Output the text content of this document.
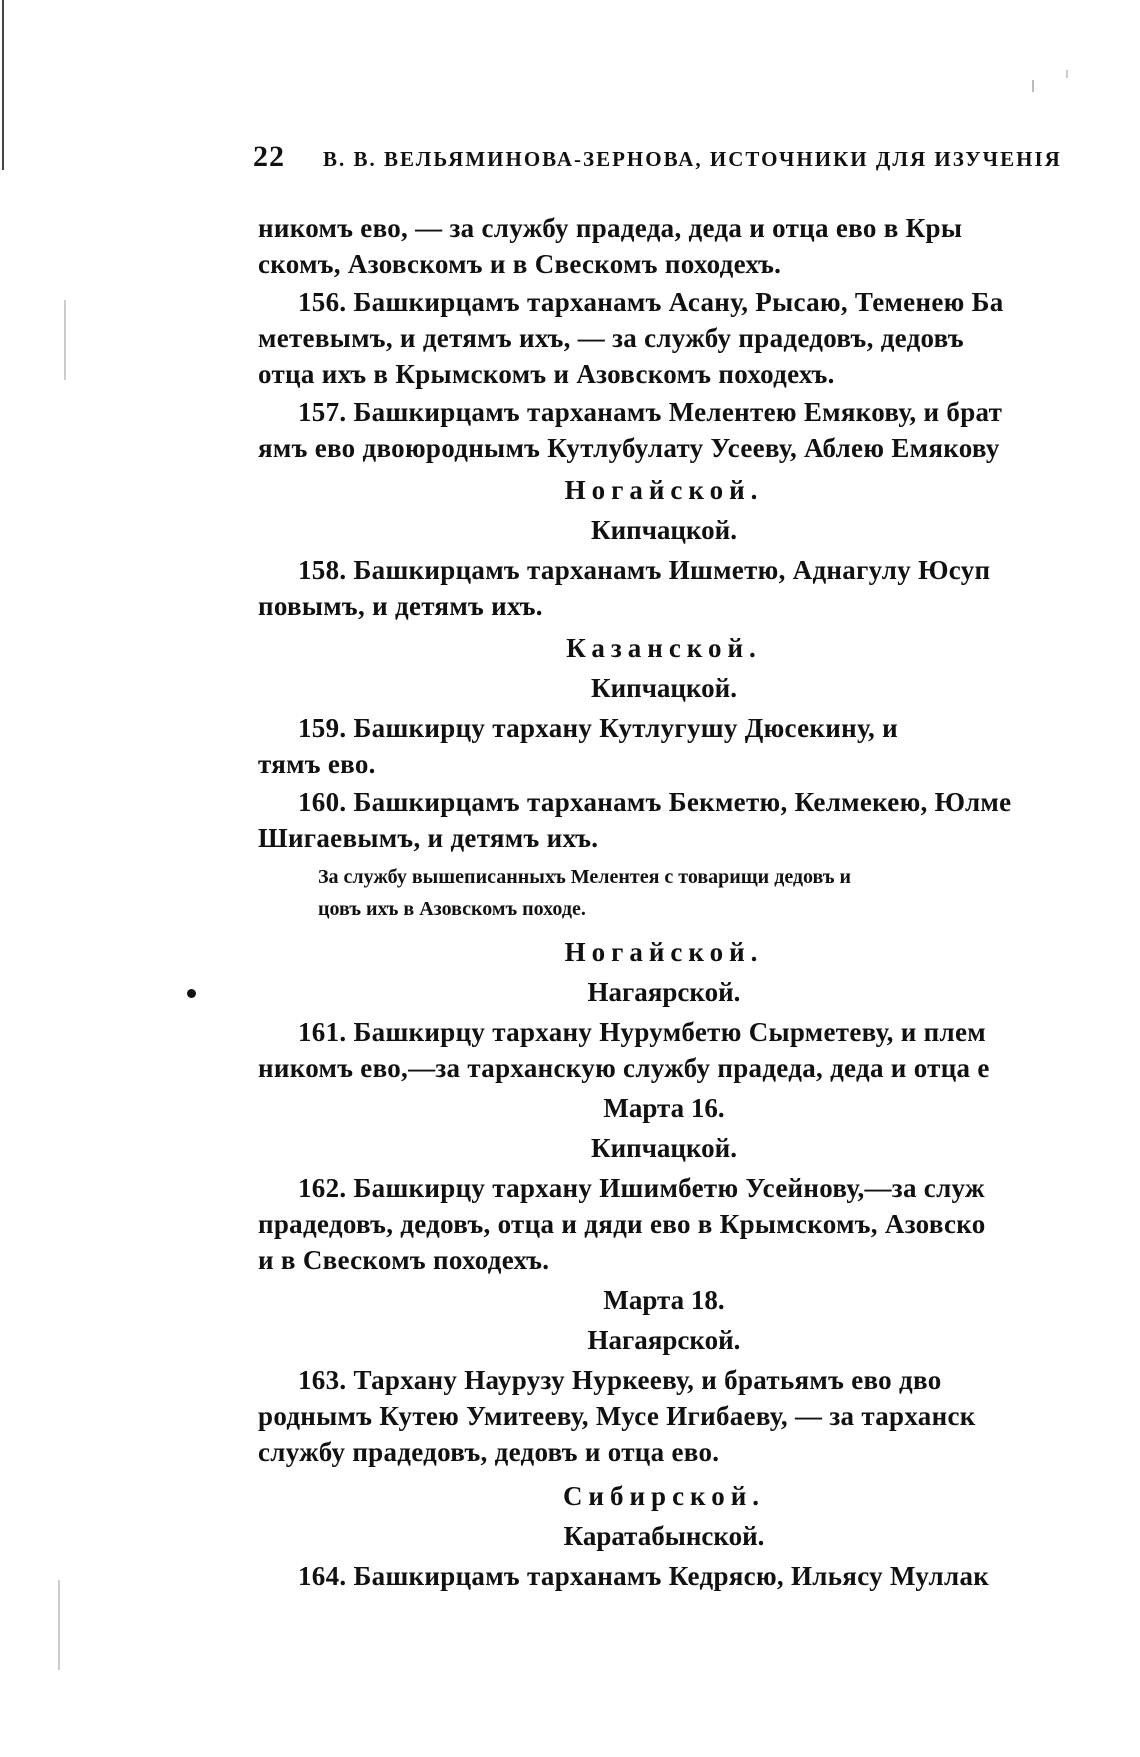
22 В. В. ВЕЛЬЯМИНОВА-ЗЕРНОВА, ИСТОЧНИКИ ДЛЯ ИЗУЧЕНІЯ
никомъ ево, — за службу прадеда, деда и отца ево в Кры
скомъ, Азовскомъ и в Свескомъ походехъ.
156. Башкирцамъ тарханамъ Асану, Рысаю, Теменею Ба
метевымъ, и детямъ ихъ, — за службу прадедовъ, дедовъ
отца ихъ в Крымскомъ и Азовскомъ походехъ.
157. Башкирцамъ тарханамъ Мелентею Емякову, и брат
ямъ ево двоюроднымъ Кутлубулату Усееву, Аблею Емякову
Ногайской.
Кипчацкой.
158. Башкирцамъ тарханамъ Ишметю, Аднагулу Юсуп
повымъ, и детямъ ихъ.
Казанской.
Кипчацкой.
159. Башкирцу тархану Кутлугушу Дюсекину, и
тямъ ево.
160. Башкирцамъ тарханамъ Бекметю, Келмекею, Юлме
Шигаевымъ, и детямъ ихъ.
За службу вышеписанныхъ Мелентея с товарищи дедовъ и
цовъ ихъ в Азовскомъ походе.
Ногайской.
Нагаярской.
161. Башкирцу тархану Нурумбетю Сырметеву, и плем
никомъ ево,—за тарханскую службу прадеда, деда и отца е
Марта 16.
Кипчацкой.
162. Башкирцу тархану Ишимбетю Усейнову,—за служ
прадедовъ, дедовъ, отца и дяди ево в Крымскомъ, Азовско
и в Свескомъ походехъ.
Марта 18.
Нагаярской.
163. Тархану Наурузу Нуркееву, и братьямъ ево дво
роднымъ Кутею Умитееву, Мусе Игибаеву, — за тарханск
службу прадедовъ, дедовъ и отца ево.
Сибирской.
Каратабынской.
164. Башкирцамъ тарханамъ Кедрясю, Ильясу Муллак
